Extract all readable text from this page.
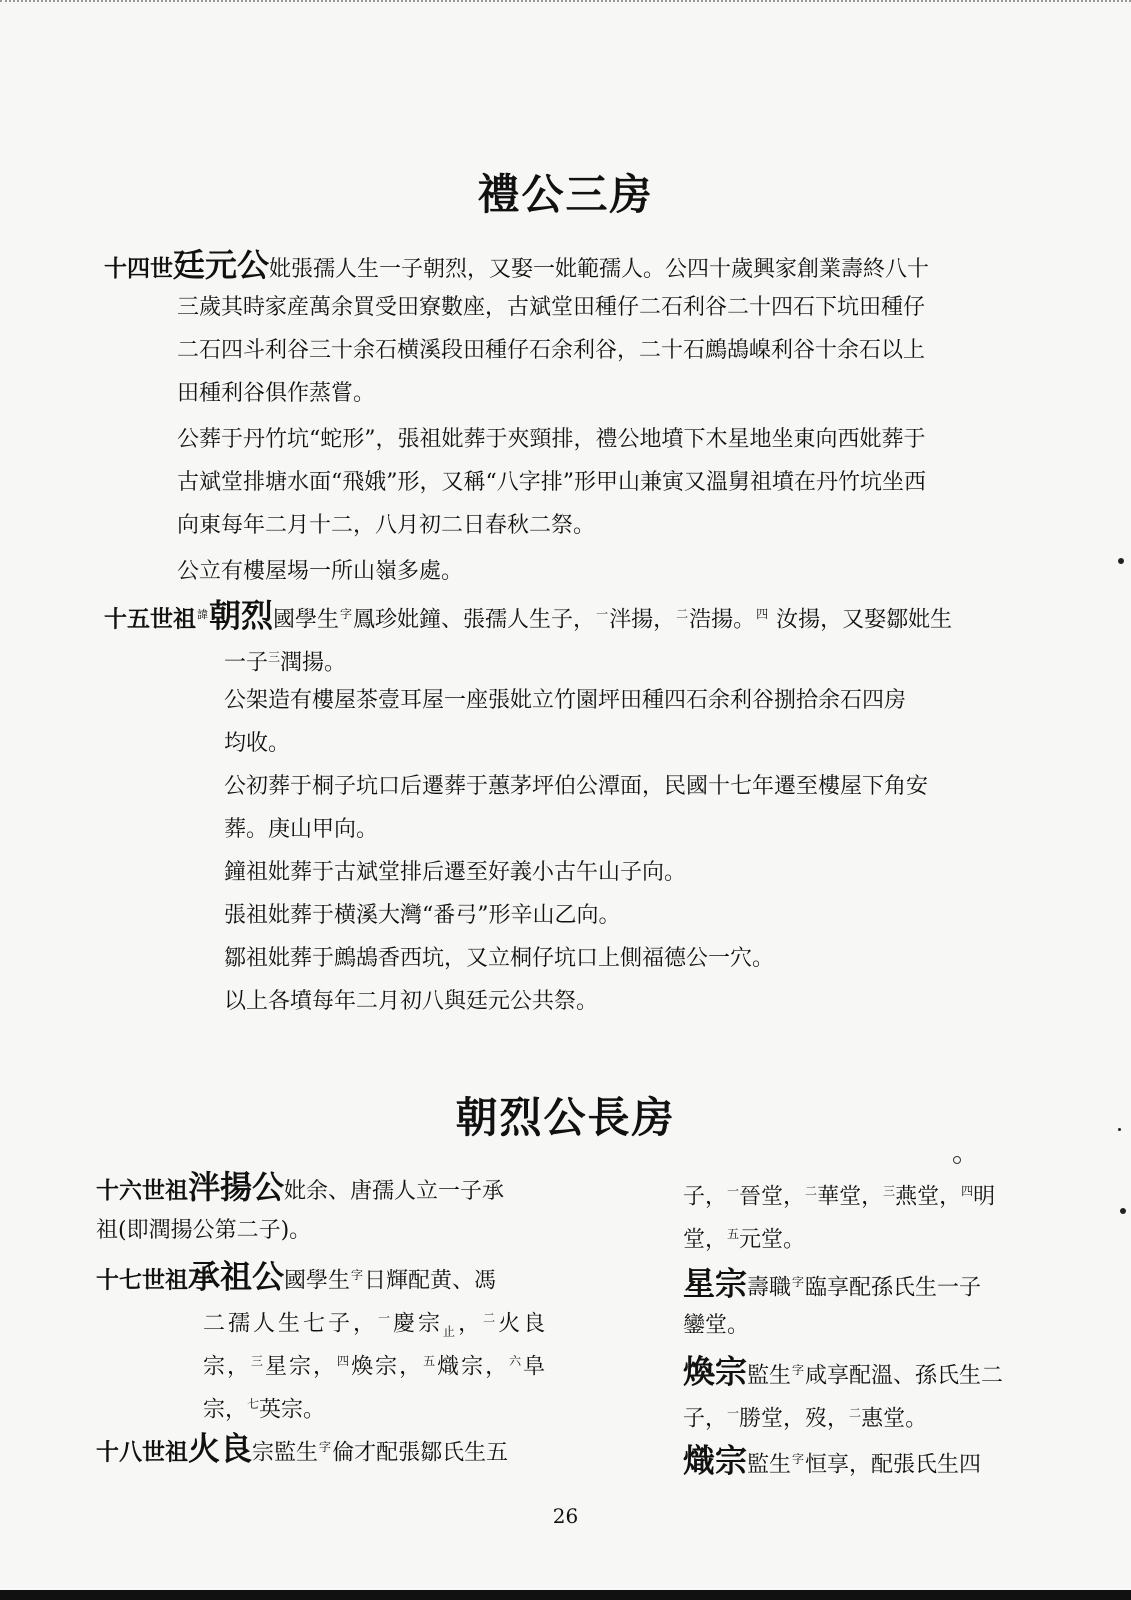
禮公三房
十四世廷元公妣張孺人生一子朝烈，又娶一妣範孺人。公四十歲興家創業壽終八十
三歲其時家産萬余買受田寮數座，古斌堂田種仔二石利谷二十四石下坑田種仔
二石四斗利谷三十余石横溪段田種仔石余利谷，二十石鷓鴣嵲利谷十余石以上
田種利谷俱作蒸嘗。
公葬于丹竹坑“蛇形”，張祖妣葬于夾頸排，禮公地墳下木星地坐東向西妣葬于
古斌堂排塘水面“飛娥”形，又稱“八字排”形甲山兼寅又溫舅祖墳在丹竹坑坐西
向東每年二月十二，八月初二日春秋二祭。
公立有樓屋埸一所山嶺多處。
十五世祖$^諱$朝烈國學生$^字$鳳珍妣鐘、張孺人生子，$^一$泮揚，$^二$浩揚。$^四$ 汝揚，又娶鄒妣生
一子$^三$潤揚。
公架造有樓屋茶壹耳屋一座張妣立竹園坪田種四石余利谷捌拾余石四房
均收。
公初葬于桐子坑口后遷葬于蕙茅坪伯公潭面，民國十七年遷至樓屋下角安
葬。庚山甲向。
鐘祖妣葬于古斌堂排后遷至好義小古午山子向。
張祖妣葬于横溪大灣“番弓”形辛山乙向。
鄒祖妣葬于鷓鴣香西坑，又立桐仔坑口上側福德公一穴。
以上各墳每年二月初八與廷元公共祭。
朝烈公長房
十六世祖泮揚公妣余、唐孺人立一子承
祖(即潤揚公第二子)。
十七世祖承祖公國學生$^字$日輝配黄、馮
二孺人生七子，$^一$慶宗$_止$，$^二$火良
宗，$^三$星宗，$^四$煥宗，$^五$熾宗，$^六$阜
宗，$^七$英宗。
十八世祖火良宗監生$^字$倫才配張鄒氏生五
子，$^一$晉堂，$^二$華堂，$^三$燕堂，$^四$明
堂，$^五$元堂。
星宗壽職$^字$臨享配孫氏生一子
鑾堂。
煥宗監生$^字$咸享配溫、孫氏生二
子，$^一$勝堂，歿，$^二$惠堂。
熾宗監生$^字$恒享，配張氏生四
26
